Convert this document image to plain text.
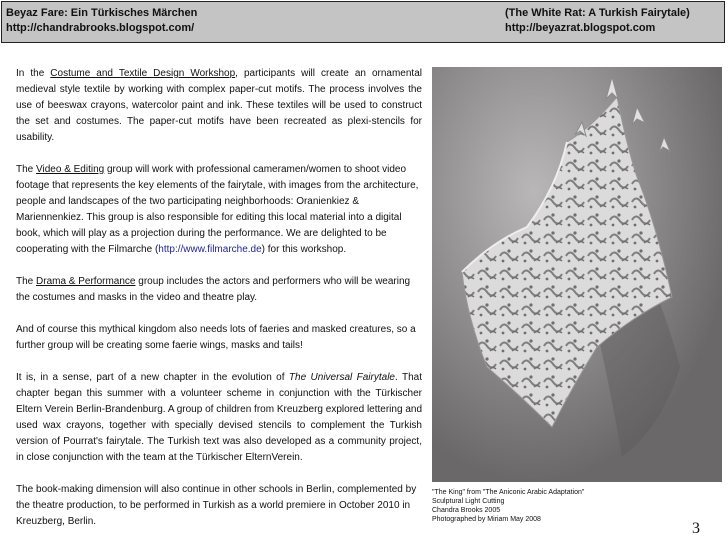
Beyaz Fare: Ein Türkisches Märchen
http://chandrabrooks.blogspot.com/
(The White Rat: A Turkish Fairytale)
http://beyazrat.blogspot.com

In the Costume and Textile Design Workshop, participants will create an ornamental medieval style textile by working with complex paper-cut motifs. The process involves the use of beeswax crayons, watercolor paint and ink. These textiles will be used to construct the set and costumes. The paper-cut motifs have been recreated as plexi-stencils for usability.

The Video & Editing group will work with professional cameramen/women to shoot video footage that represents the key elements of the fairytale, with images from the architecture, people and landscapes of the two participating neighborhoods: Oranienkiez & Mariennenkiez. This group is also responsible for editing this local material into a digital book, which will play as a projection during the performance. We are delighted to be cooperating with the Filmarche (http://www.filmarche.de) for this workshop.

The Drama & Performance group includes the actors and performers who will be wearing the costumes and masks in the video and theatre play.

And of course this mythical kingdom also needs lots of faeries and masked creatures, so a further group will be creating some faerie wings, masks and tails!

It is, in a sense, part of a new chapter in the evolution of The Universal Fairytale. That chapter began this summer with a volunteer scheme in conjunction with the Türkischer Eltern Verein Berlin-Brandenburg. A group of children from Kreuzberg explored lettering and used wax crayons, together with specially devised stencils to complement the Turkish version of Pourrat's fairytale. The Turkish text was also developed as a community project, in close conjunction with the team at the Türkischer ElternVerein.

The book-making dimension will also continue in other schools in Berlin, complemented by the theatre production, to be performed in Turkish as a world premiere in October 2010 in Kreuzberg, Berlin.

"The King" from "The Aniconic Arabic Adaptation"
Sculptural Light Cutting
Chandra Brooks 2005
Photographed by Miriam May 2008
3
